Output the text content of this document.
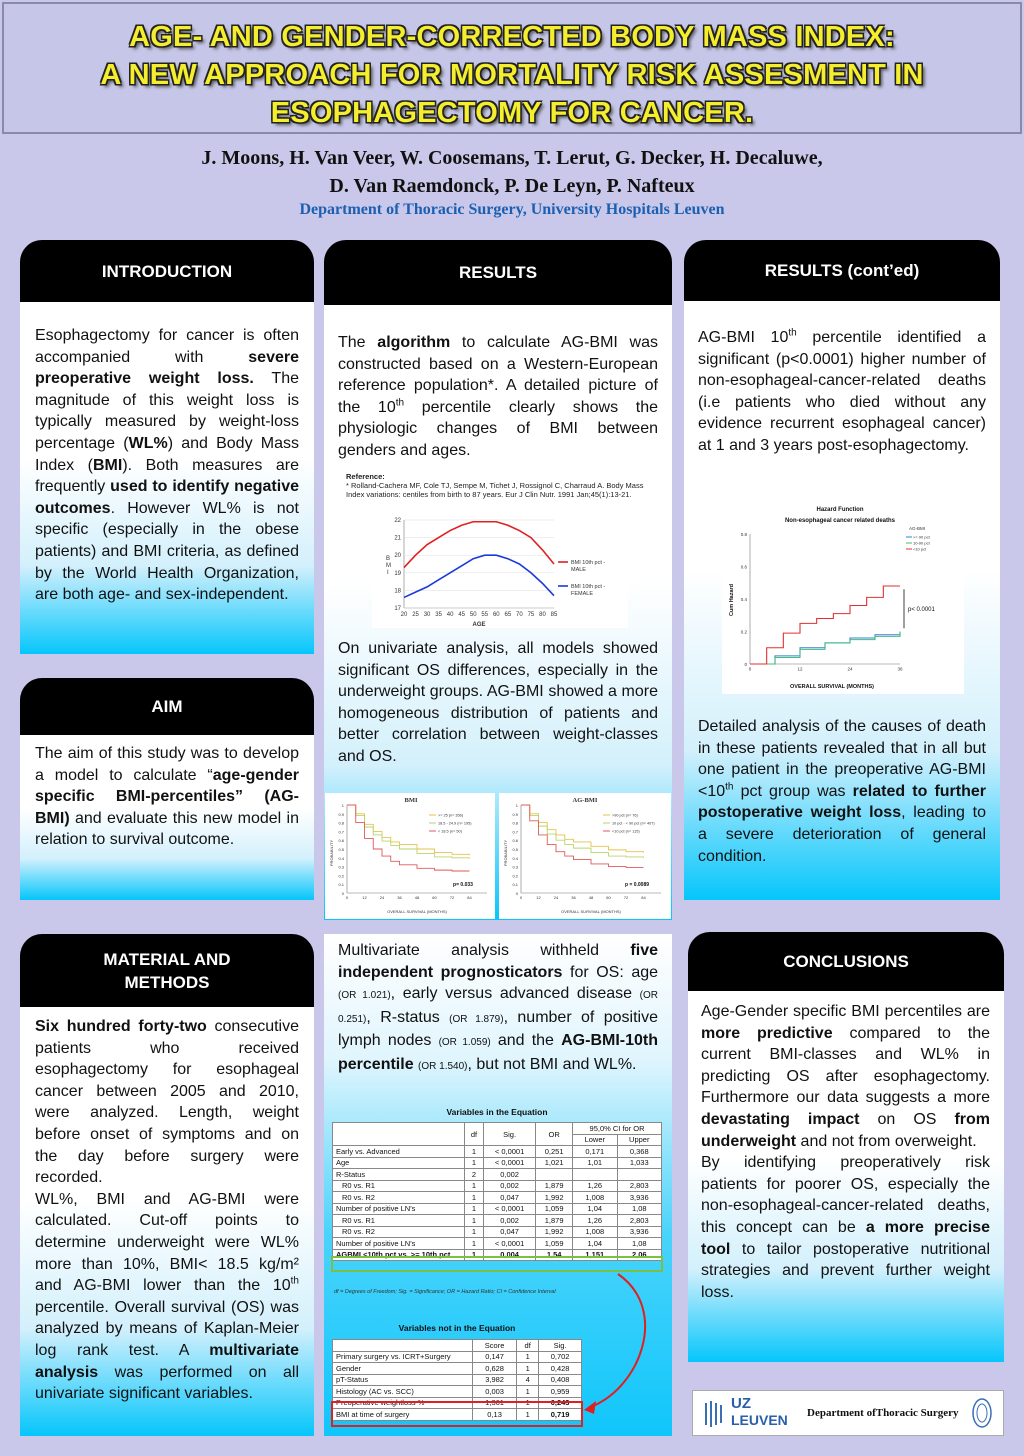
AGE- AND GENDER-CORRECTED BODY MASS INDEX:
A NEW APPROACH FOR MORTALITY RISK ASSESMENT IN
ESOPHAGECTOMY FOR CANCER.
J. Moons, H. Van Veer, W. Coosemans, T. Lerut, G. Decker, H. Decaluwe,
D. Van Raemdonck, P. De Leyn, P. Nafteux
Department of Thoracic Surgery, University Hospitals Leuven
INTRODUCTION
Esophagectomy for cancer is often accompanied with severe preoperative weight loss. The magnitude of this weight loss is typically measured by weight-loss percentage (WL%) and Body Mass Index (BMI). Both measures are frequently used to identify negative outcomes. However WL% is not specific (especially in the obese patients) and BMI criteria, as defined by the World Health Organization, are both age- and sex-independent.
AIM
The aim of this study was to develop a model to calculate “age-gender specific BMI-percentiles” (AG-BMI) and evaluate this new model in relation to survival outcome.
MATERIAL AND
METHODS
Six hundred forty-two consecutive patients who received esophagectomy for esophageal cancer between 2005 and 2010, were analyzed. Length, weight before onset of symptoms and on the day before surgery were recorded.
WL%, BMI and AG-BMI were calculated. Cut-off points to determine underweight were WL% more than 10%, BMI< 18.5 kg/m² and AG-BMI lower than the 10th percentile. Overall survival (OS) was analyzed by means of Kaplan-Meier log rank test. A multivariate analysis was performed on all univariate significant variables.
RESULTS
The algorithm to calculate AG-BMI was constructed based on a Western-European reference population*. A detailed picture of the 10th percentile clearly shows the physiologic changes of BMI between genders and ages.
Reference:
* Rolland-Cachera MF, Cole TJ, Sempe M, Tichet J, Rossignol C, Charraud A. Body Mass Index variations: centiles from birth to 87 years. Eur J Clin Nutr. 1991 Jan;45(1):13-21.
17
18
19
20
21
22
20 25 30 35 40 45 50 55 60 65 70 75 80 85
B
M
I
AGE
BMI 10th pct -
MALE
BMI 10th pct -
FEMALE
On univariate analysis, all models showed significant OS differences, especially in the underweight groups. AG-BMI showed a more homogeneous distribution of patients and better correlation between weight-classes and OS.
0
0.1
0.2
0.3
0.4
0.5
0.6
0.7
0.8
0.9
1
0	12	24	36	48	60	72	84
BMI
OVERALL SURVIVAL (MONTHS)
PROBABILITY
p= 0.033
>= 25 (n= 356)
18.5 - 24.9 (n= 195)
< 18.5 (n= 50)
0
0.1
0.2
0.3
0.4
0.5
0.6
0.7
0.8
0.9
1
0	12	24	36	48	60	72	84
AG-BMI
OVERALL SURVIVAL (MONTHS)
PROBABILITY
p = 0.0089
>90 pct (n= 76)
10 pct - < 90 pct (n= 407)
<10 pct (n= 115)
RESULTS (cont’ed)
AG-BMI 10th percentile identified a significant (p<0.0001) higher number of non-esophageal-cancer-related deaths (i.e patients who died without any evidence recurrent esophageal cancer) at 1 and 3 years post-esophagectomy.
0
0.2
0.4
0.6
0.8
0	12	24	36
Hazard Function
Non-esophageal cancer related deaths
OVERALL SURVIVAL (MONTHS)
Cum Hazard
AG-BMI
>= 90 pct
10-90 pct
<10 pct
p< 0.0001
Detailed analysis of the causes of death in these patients revealed that in all but one patient in the preoperative AG-BMI <10th pct group was related to further postoperative weight loss, leading to a severe deterioration of general condition.
Multivariate analysis withheld five independent prognosticators for OS: age (OR 1.021), early versus advanced disease (OR 0.251), R-status (OR 1.879), number of positive lymph nodes (OR 1.059) and the AG-BMI-10th percentile (OR 1.540), but not BMI and WL%.
Variables in the Equation
	df	Sig.	OR	95,0% CI for OR	
				Lower	Upper
Early vs. Advanced	1	< 0,0001	0,251	0,171	0,368
Age	1	< 0,0001	1,021	1,01	1,033
R-Status	2	0,002			
R0 vs. R1	1	0,002	1,879	1,26	2,803
R0 vs. R2	1	0,047	1,992	1,008	3,936
Number of positive LN's	1	< 0,0001	1,059	1,04	1,08
R0 vs. R1	1	0,002	1,879	1,26	2,803
R0 vs. R2	1	0,047	1,992	1,008	3,936
Number of positive LN's	1	< 0,0001	1,059	1,04	1,08
AGBMI <10th pct vs. >= 10th pct	1	0,004	1,54	1,151	2,06
df = Degrees of Freedom; Sig. = Significance; OR = Hazard Ratio; CI = Confidence Interval
Variables not in the Equation
	Score	df	Sig.
Primary surgery vs. ICRT+Surgery	0,147	1	0,702
Gender	0,628	1	0,428
pT-Status	3,982	4	0,408
Histology (AC vs. SCC)	0,003	1	0,959
Preoperative weightloss %	1,361	1	0,243
BMI at time of surgery	0,13	1	0,719
CONCLUSIONS
Age-Gender specific BMI percentiles are more predictive compared to the current BMI-classes and WL% in predicting OS after esophagectomy. Furthermore our data suggests a more devastating impact on OS from underweight and not from overweight.
By identifying preoperatively risk patients for poorer OS, especially the non-esophageal-cancer-related deaths, this concept can be a more precise tool to tailor postoperative nutritional strategies and prevent further weight loss.
UZ
LEUVEN Department ofThoracic Surgery
